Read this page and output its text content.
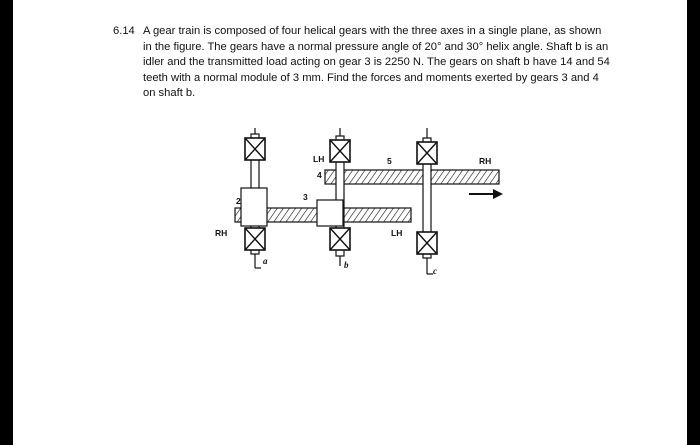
6.14 A gear train is composed of four helical gears with the three axes in a single plane, as shown in the figure. The gears have a normal pressure angle of 20° and 30° helix angle. Shaft b is an idler and the transmitted load acting on gear 3 is 2250 N. The gears on shaft b have 14 and 54 teeth with a normal module of 3 mm. Find the forces and moments exerted by gears 3 and 4 on shaft b.
LH	RH
RH	LH
2	3
4
5
a	b
c
